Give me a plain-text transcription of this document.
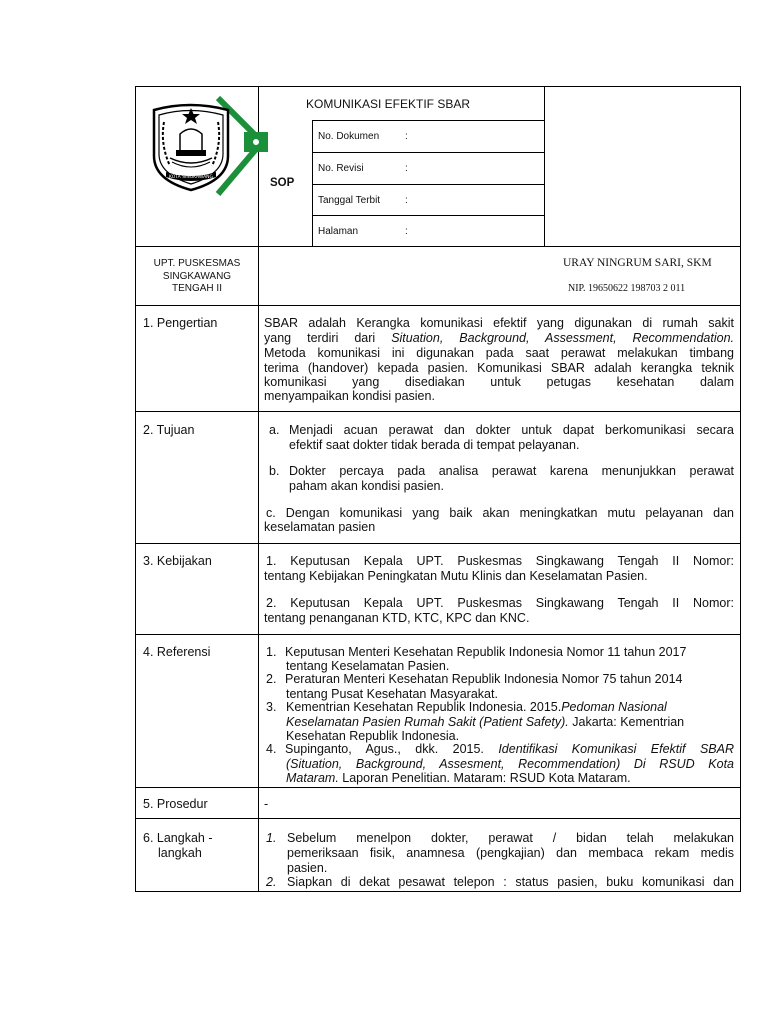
KOTA SINGKAWANG
KOMUNIKASI EFEKTIF SBAR
SOP
No. Dokumen	:
No. Revisi	:
Tanggal Terbit :
Halaman	:
UPT. PUSKESMAS
SINGKAWANG
TENGAH II
URAY NINGRUM SARI, SKM
NIP. 19650622 198703 2 011
1. Pengertian	SBAR adalah Kerangka komunikasi efektif yang digunakan di rumah sakit
yang terdiri dari Situation, Background, Assessment, Recommendation.
Metoda komunikasi ini digunakan pada saat perawat melakukan timbang
terima (handover) kepada pasien. Komunikasi SBAR adalah kerangka teknik
komunikasi yang disediakan untuk petugas kesehatan dalam
menyampaikan kondisi pasien.
2. Tujuan	a. Menjadi acuan perawat dan dokter untuk dapat berkomunikasi secara
efektif saat dokter tidak berada di tempat pelayanan.
b. Dokter percaya pada analisa perawat karena menunjukkan perawat
paham akan kondisi pasien.
c. Dengan komunikasi yang baik akan meningkatkan mutu pelayanan dan
keselamatan pasien
3. Kebijakan	1. Keputusan Kepala UPT. Puskesmas Singkawang Tengah II Nomor:
tentang Kebijakan Peningkatan Mutu Klinis dan Keselamatan Pasien.
2. Keputusan Kepala UPT. Puskesmas Singkawang Tengah II Nomor:
tentang penanganan KTD, KTC, KPC dan KNC.
4. Referensi	1. Keputusan Menteri Kesehatan Republik Indonesia Nomor 11 tahun 2017
tentang Keselamatan Pasien.
2. Peraturan Menteri Kesehatan Republik Indonesia Nomor 75 tahun 2014
tentang Pusat Kesehatan Masyarakat.
3. Kementrian Kesehatan Republik Indonesia. 2015.Pedoman Nasional
Keselamatan Pasien Rumah Sakit (Patient Safety). Jakarta: Kementrian
Kesehatan Republik Indonesia.
4. Supinganto, Agus., dkk. 2015. Identifikasi Komunikasi Efektif SBAR
(Situation, Background, Assesment, Recommendation) Di RSUD Kota
Mataram. Laporan Penelitian. Mataram: RSUD Kota Mataram.
5. Prosedur	-
6. Langkah -
langkah
1. Sebelum menelpon dokter, perawat / bidan telah melakukan
pemeriksaan fisik, anamnesa (pengkajian) dan membaca rekam medis
pasien.
2. Siapkan di dekat pesawat telepon : status pasien, buku komunikasi dan
